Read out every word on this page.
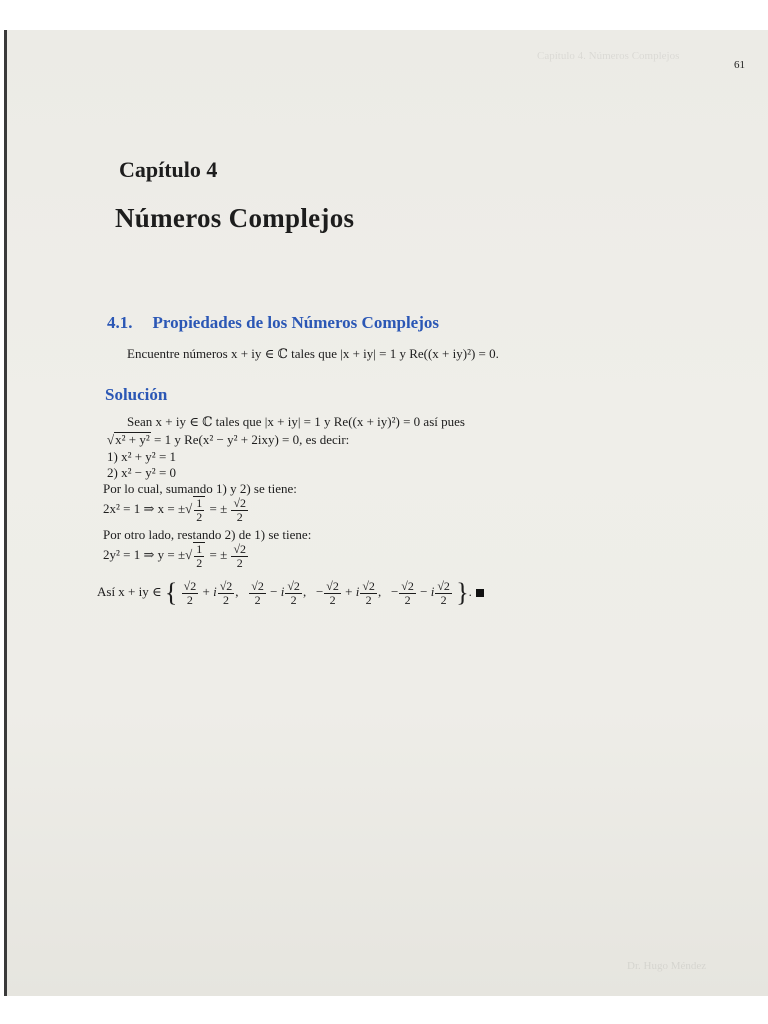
Capítulo 4. Números Complejos
61
Capítulo 4
Números Complejos
4.1. Propiedades de los Números Complejos
Encuentre números x + iy ∈ ℂ tales que |x + iy| = 1 y Re((x + iy)²) = 0.
Solución
Sean x + iy ∈ ℂ tales que |x + iy| = 1 y Re((x + iy)²) = 0 así pues
√x² + y² = 1 y Re(x² − y² + 2ixy) = 0, es decir:
1) x² + y² = 1
2) x² − y² = 0
Por lo cual, sumando 1) y 2) se tiene:
2x² = 1 ⇒ x = ±√ $\frac{1}{2}$ = ± $\frac{√2}{2}$
Por otro lado, restando 2) de 1) se tiene:
2y² = 1 ⇒ y = ±√ $\frac{1}{2}$ = ± $\frac{√2}{2}$
Así x + iy ∈ { $\frac{√2}{2} + i \frac{√2}{2}$ , $\frac{√2}{2} - i \frac{√2}{2}$ ,   − $\frac{√2}{2} + i \frac{√2}{2}$ ,   − $\frac{√2}{2} - i \frac{√2}{2}$ }.
Dr. Hugo Méndez
